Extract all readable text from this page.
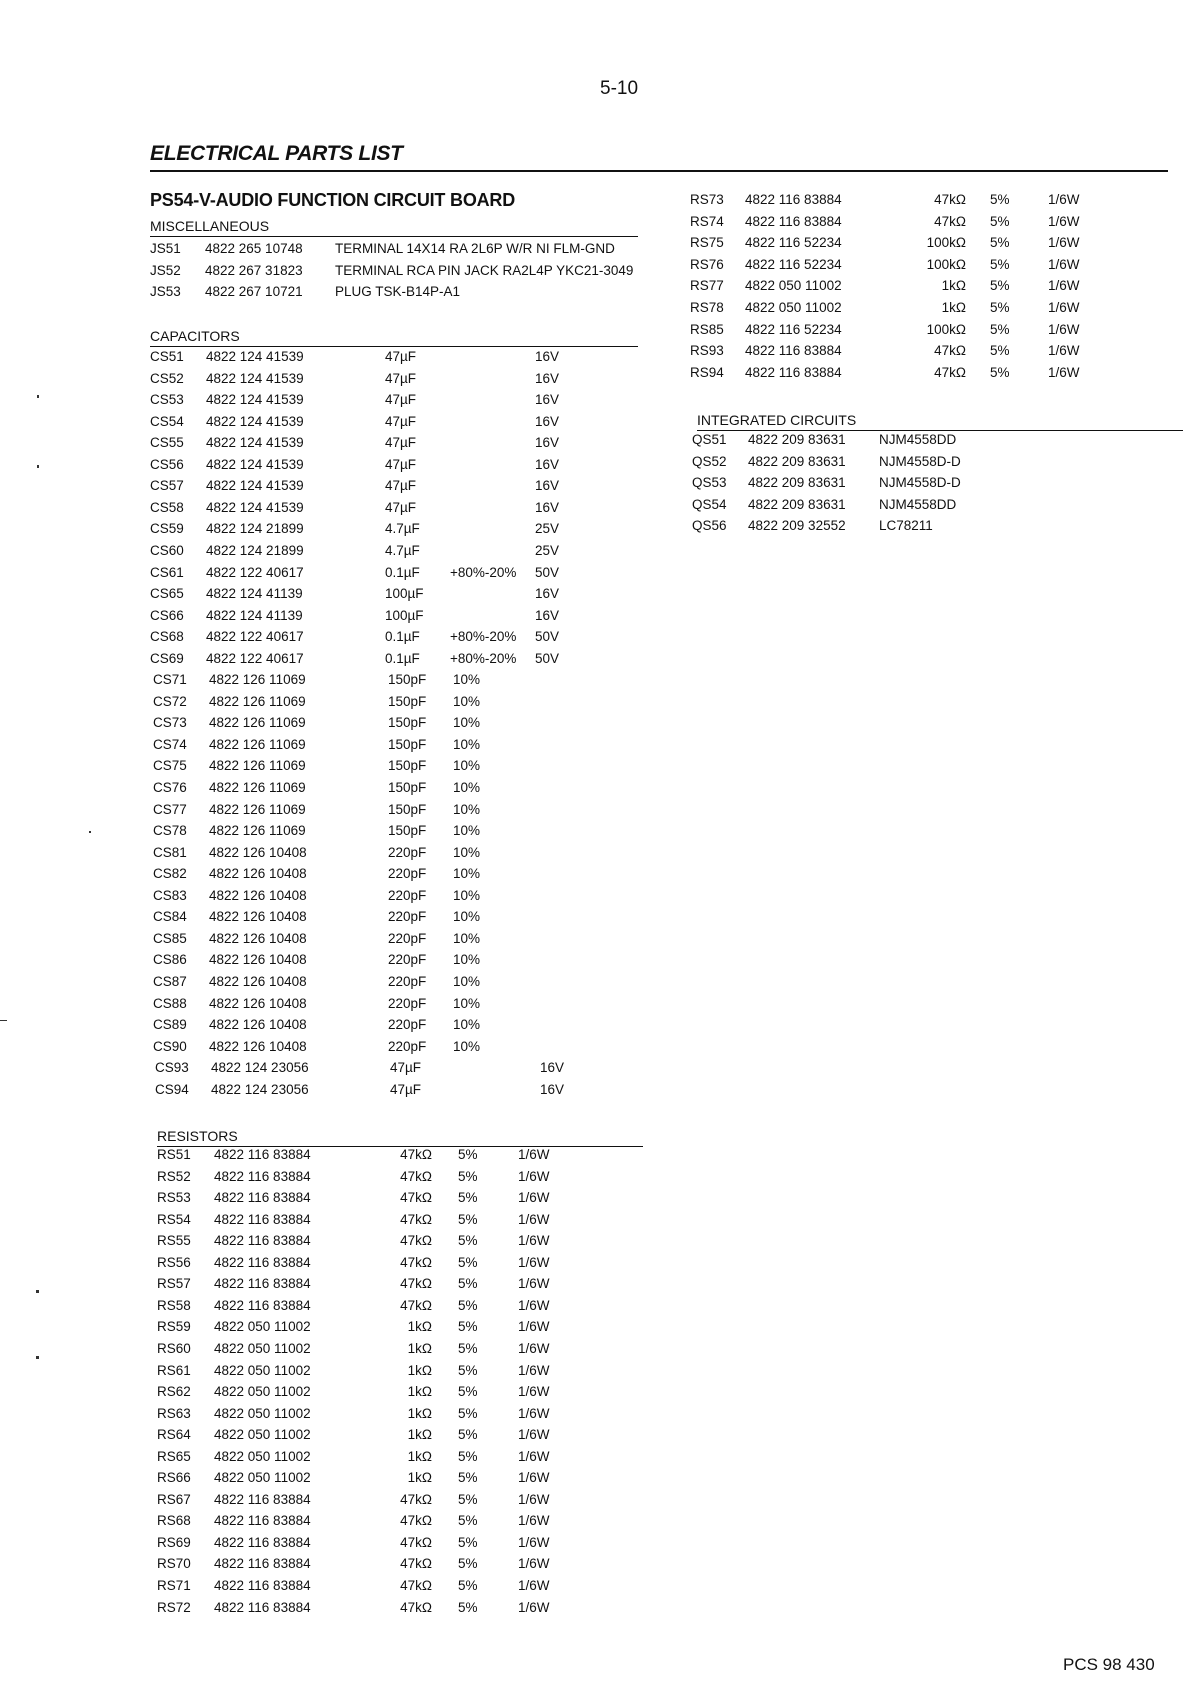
5-10
ELECTRICAL PARTS LIST
PS54-V-AUDIO FUNCTION CIRCUIT BOARD
MISCELLANEOUS
JS51 4822 265 10748 TERMINAL 14X14 RA 2L6P W/R NI FLM-GND
JS52 4822 267 31823 TERMINAL RCA PIN JACK RA2L4P YKC21-3049
JS53 4822 267 10721 PLUG TSK-B14P-A1
CAPACITORS
CS51 4822 124 41539	47µF	16V
CS52 4822 124 41539	47µF	16V
CS53 4822 124 41539	47µF	16V
CS54 4822 124 41539	47µF	16V
CS55 4822 124 41539	47µF	16V
CS56 4822 124 41539	47µF	16V
CS57 4822 124 41539	47µF	16V
CS58 4822 124 41539	47µF	16V
CS59 4822 124 21899	4.7µF	25V
CS60 4822 124 21899	4.7µF	25V
CS61 4822 122 40617	0.1µF +80%-20% 50V
CS65 4822 124 41139	100µF	16V
CS66 4822 124 41139	100µF	16V
CS68 4822 122 40617	0.1µF +80%-20% 50V
CS69 4822 122 40617	0.1µF +80%-20% 50V
CS71 4822 126 11069	150pF 10%
CS72 4822 126 11069	150pF 10%
CS73 4822 126 11069	150pF 10%
CS74 4822 126 11069	150pF 10%
CS75 4822 126 11069	150pF 10%
CS76 4822 126 11069	150pF 10%
CS77 4822 126 11069	150pF 10%
CS78 4822 126 11069	150pF 10%
CS81 4822 126 10408	220pF 10%
CS82 4822 126 10408	220pF 10%
CS83 4822 126 10408	220pF 10%
CS84 4822 126 10408	220pF 10%
CS85 4822 126 10408	220pF 10%
CS86 4822 126 10408	220pF 10%
CS87 4822 126 10408	220pF 10%
CS88 4822 126 10408	220pF 10%
CS89 4822 126 10408	220pF 10%
CS90 4822 126 10408	220pF 10%
CS93 4822 124 23056	47µF	16V
CS94 4822 124 23056	47µF	16V
RESISTORS
RS51 4822 116 83884	47kΩ 5%	1/6W
RS52 4822 116 83884	47kΩ 5%	1/6W
RS53 4822 116 83884	47kΩ 5%	1/6W
RS54 4822 116 83884	47kΩ 5%	1/6W
RS55 4822 116 83884	47kΩ 5%	1/6W
RS56 4822 116 83884	47kΩ 5%	1/6W
RS57 4822 116 83884	47kΩ 5%	1/6W
RS58 4822 116 83884	47kΩ 5%	1/6W
RS59 4822 050 11002	1kΩ 5%	1/6W
RS60 4822 050 11002	1kΩ 5%	1/6W
RS61 4822 050 11002	1kΩ 5%	1/6W
RS62 4822 050 11002	1kΩ 5%	1/6W
RS63 4822 050 11002	1kΩ 5%	1/6W
RS64 4822 050 11002	1kΩ 5%	1/6W
RS65 4822 050 11002	1kΩ 5%	1/6W
RS66 4822 050 11002	1kΩ 5%	1/6W
RS67 4822 116 83884	47kΩ 5%	1/6W
RS68 4822 116 83884	47kΩ 5%	1/6W
RS69 4822 116 83884	47kΩ 5%	1/6W
RS70 4822 116 83884	47kΩ 5%	1/6W
RS71 4822 116 83884	47kΩ 5%	1/6W
RS72 4822 116 83884	47kΩ 5%	1/6W
RS73 4822 116 83884	47kΩ 5%	1/6W
RS74 4822 116 83884	47kΩ 5%	1/6W
RS75 4822 116 52234	100kΩ 5%	1/6W
RS76 4822 116 52234	100kΩ 5%	1/6W
RS77 4822 050 11002	1kΩ 5%	1/6W
RS78 4822 050 11002	1kΩ 5%	1/6W
RS85 4822 116 52234	100kΩ 5%	1/6W
RS93 4822 116 83884	47kΩ 5%	1/6W
RS94 4822 116 83884	47kΩ 5%	1/6W
INTEGRATED CIRCUITS
QS51 4822 209 83631 NJM4558DD
QS52 4822 209 83631 NJM4558D-D
QS53 4822 209 83631 NJM4558D-D
QS54 4822 209 83631 NJM4558DD
QS56 4822 209 32552 LC78211
PCS 98 430
